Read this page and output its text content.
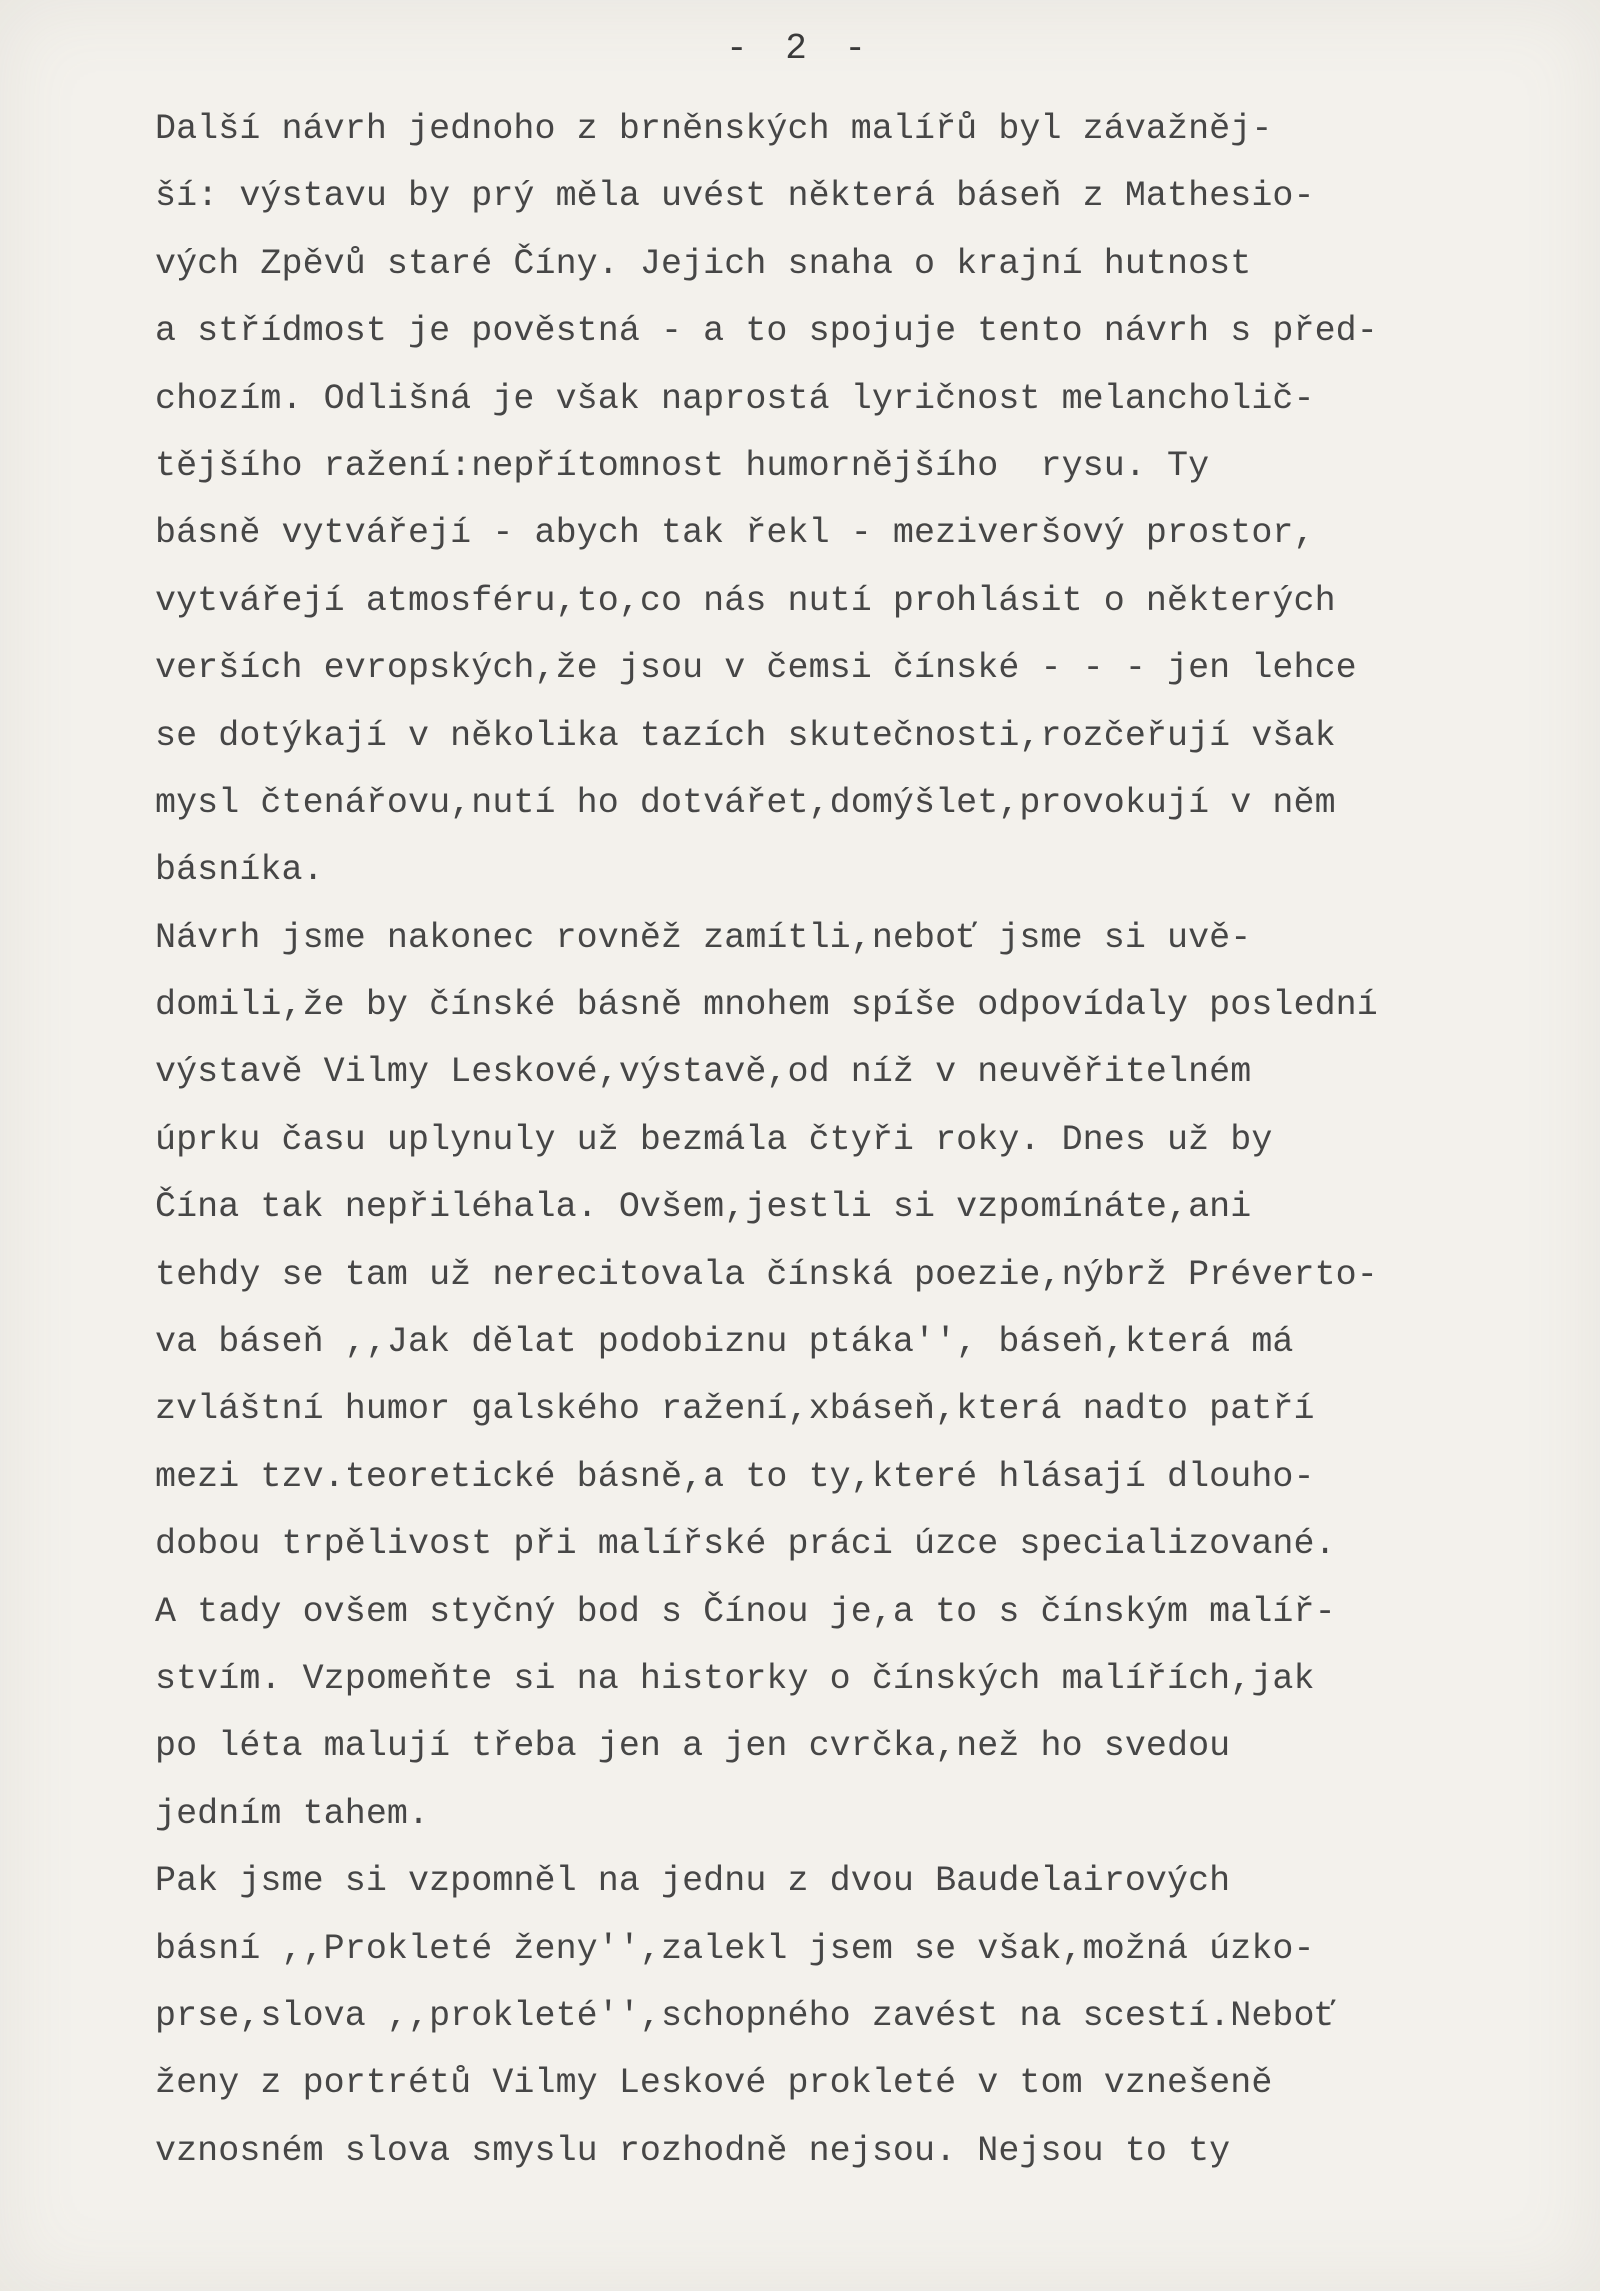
- 2 -
Další návrh jednoho z brněnských malířů byl závažněj-
ší: výstavu by prý měla uvést některá báseň z Mathesio-
vých Zpěvů staré Číny. Jejich snaha o krajní hutnost
a střídmost je pověstná - a to spojuje tento návrh s před-
chozím. Odlišná je však naprostá lyričnost melancholič-
tějšího ražení:nepřítomnost humornějšího  rysu. Ty
básně vytvářejí - abych tak řekl - meziveršový prostor,
vytvářejí atmosféru,to,co nás nutí prohlásit o některých
verších evropských,že jsou v čemsi čínské - - - jen lehce
se dotýkají v několika tazích skutečnosti,rozčeřují však
mysl čtenářovu,nutí ho dotvářet,domýšlet,provokují v něm
básníka.
Návrh jsme nakonec rovněž zamítli,neboť jsme si uvě-
domili,že by čínské básně mnohem spíše odpovídaly poslední
výstavě Vilmy Leskové,výstavě,od níž v neuvěřitelném
úprku času uplynuly už bezmála čtyři roky. Dnes už by
Čína tak nepřiléhala. Ovšem,jestli si vzpomínáte,ani
tehdy se tam už nerecitovala čínská poezie,nýbrž Préverto-
va báseň ,,Jak dělat podobiznu ptáka'', báseň,která má
zvláštní humor galského ražení,xbáseň,která nadto patří
mezi tzv.teoretické básně,a to ty,které hlásají dlouho-
dobou trpělivost při malířské práci úzce specializované.
A tady ovšem styčný bod s Čínou je,a to s čínským malíř-
stvím. Vzpomeňte si na historky o čínských malířích,jak
po léta malují třeba jen a jen cvrčka,než ho svedou
jedním tahem.
Pak jsme si vzpomněl na jednu z dvou Baudelairových
básní ,,Prokleté ženy'',zalekl jsem se však,možná úzko-
prse,slova ,,prokleté'',schopného zavést na scestí.Neboť
ženy z portrétů Vilmy Leskové prokleté v tom vznešeně
vznosném slova smyslu rozhodně nejsou. Nejsou to ty
